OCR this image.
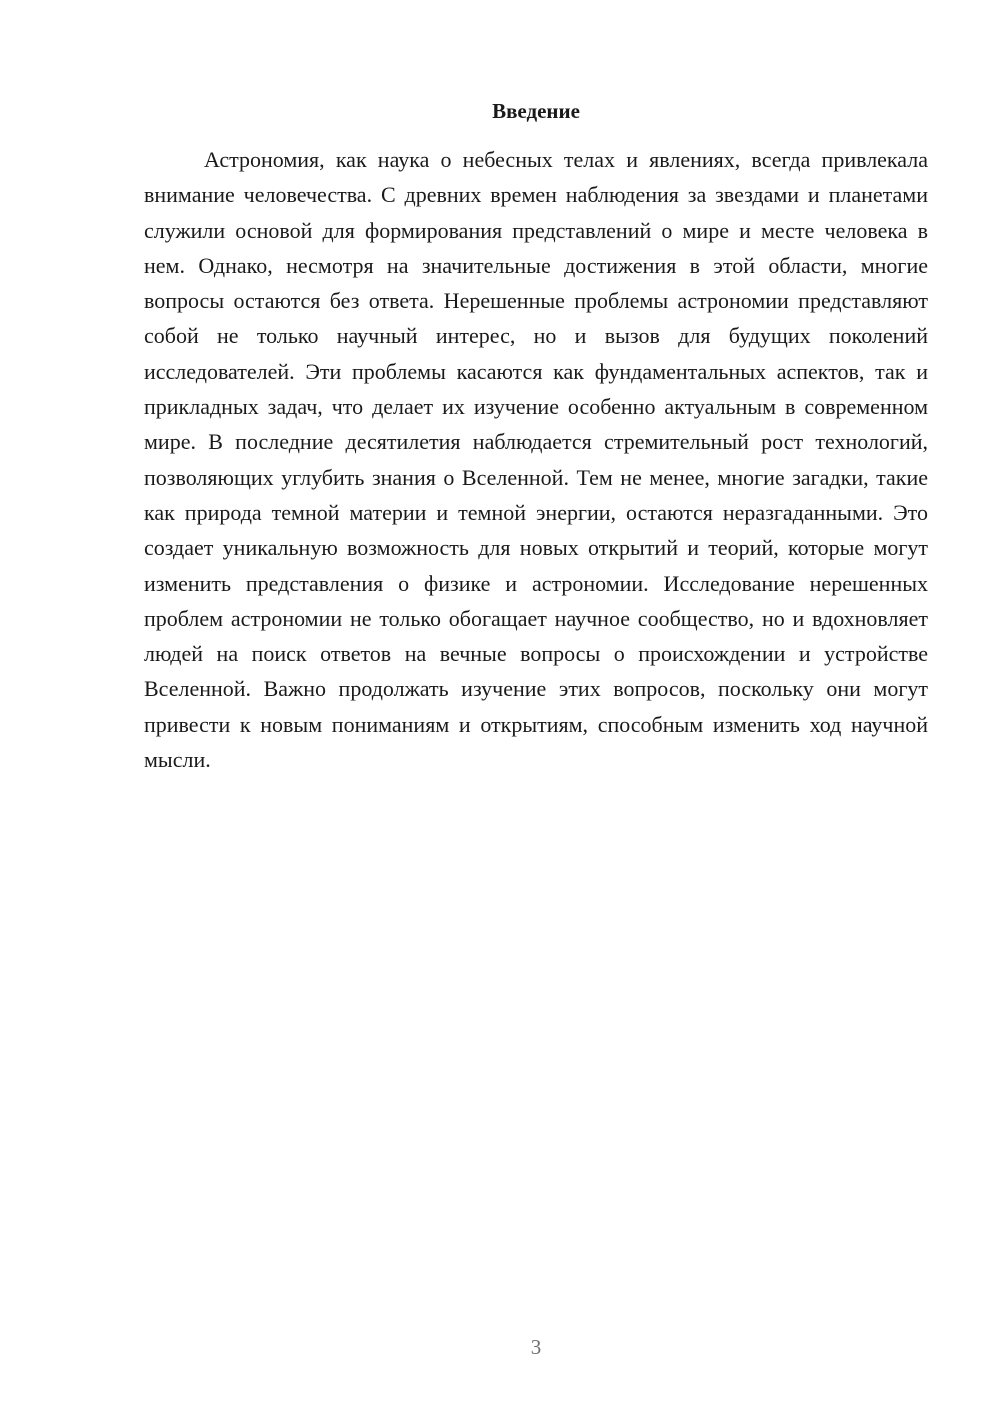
Введение

Астрономия, как наука о небесных телах и явлениях, всегда привлекала внимание человечества. С древних времен наблюдения за звездами и планетами служили основой для формирования представлений о мире и месте человека в нем. Однако, несмотря на значительные достижения в этой области, многие вопросы остаются без ответа. Нерешенные проблемы астрономии представляют собой не только научный интерес, но и вызов для будущих поколений исследователей. Эти проблемы касаются как фундаментальных аспектов, так и прикладных задач, что делает их изучение особенно актуальным в современном мире. В последние десятилетия наблюдается стремительный рост технологий, позволяющих углубить знания о Вселенной. Тем не менее, многие загадки, такие как природа темной материи и темной энергии, остаются неразгаданными. Это создает уникальную возможность для новых открытий и теорий, которые могут изменить представления о физике и астрономии. Исследование нерешенных проблем астрономии не только обогащает научное сообщество, но и вдохновляет людей на поиск ответов на вечные вопросы о происхождении и устройстве Вселенной. Важно продолжать изучение этих вопросов, поскольку они могут привести к новым пониманиям и открытиям, способным изменить ход научной мысли.

3
